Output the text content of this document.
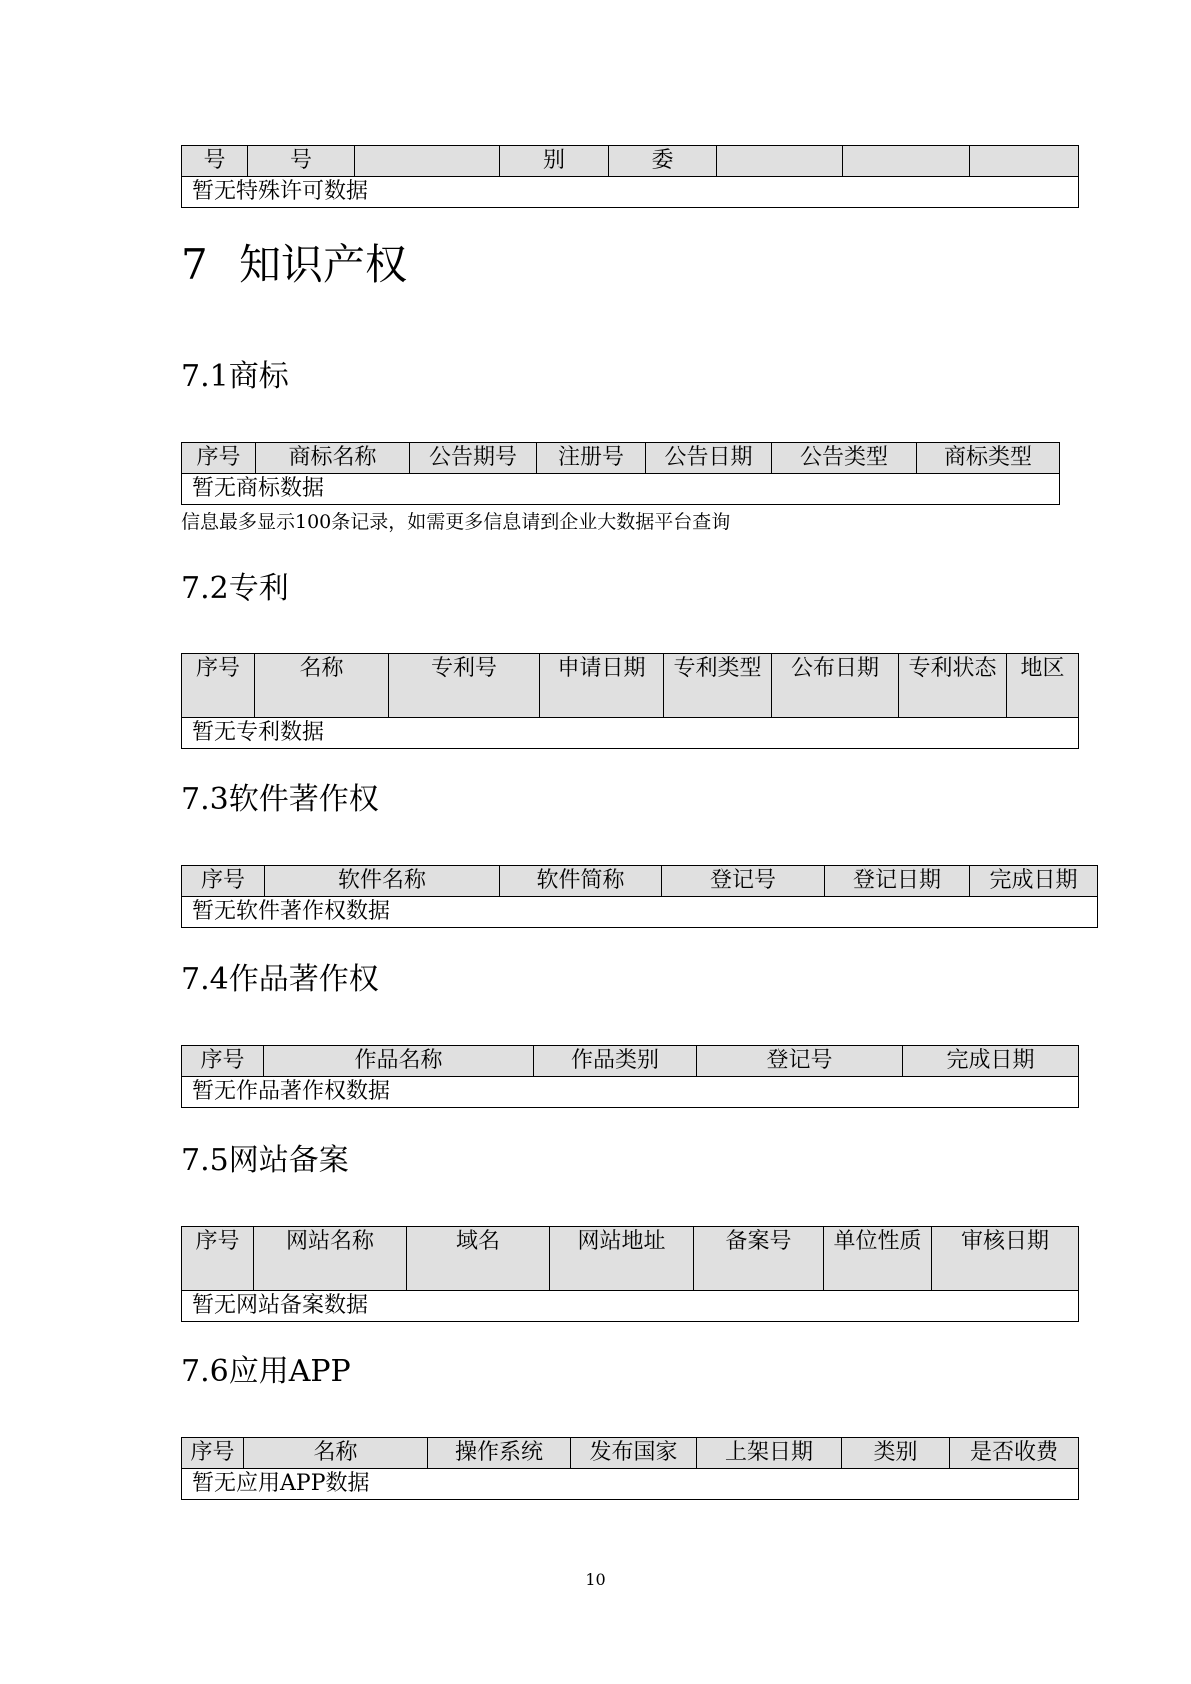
号	号		别	委			
暂无特殊许可数据
7 知识产权
7.1商标
序号	商标名称	公告期号	注册号	公告日期	公告类型	商标类型
暂无商标数据
信息最多显示100条记录，如需更多信息请到企业大数据平台查询
7.2专利
序号	名称	专利号	申请日期	专利类型	公布日期	专利状态	地区
暂无专利数据
7.3软件著作权
序号	软件名称	软件简称	登记号	登记日期	完成日期
暂无软件著作权数据
7.4作品著作权
序号	作品名称	作品类别	登记号	完成日期
暂无作品著作权数据
7.5网站备案
序号	网站名称	域名	网站地址	备案号	单位性质	审核日期
暂无网站备案数据
7.6应用APP
序号	名称	操作系统	发布国家	上架日期	类别	是否收费
暂无应用APP数据
10
